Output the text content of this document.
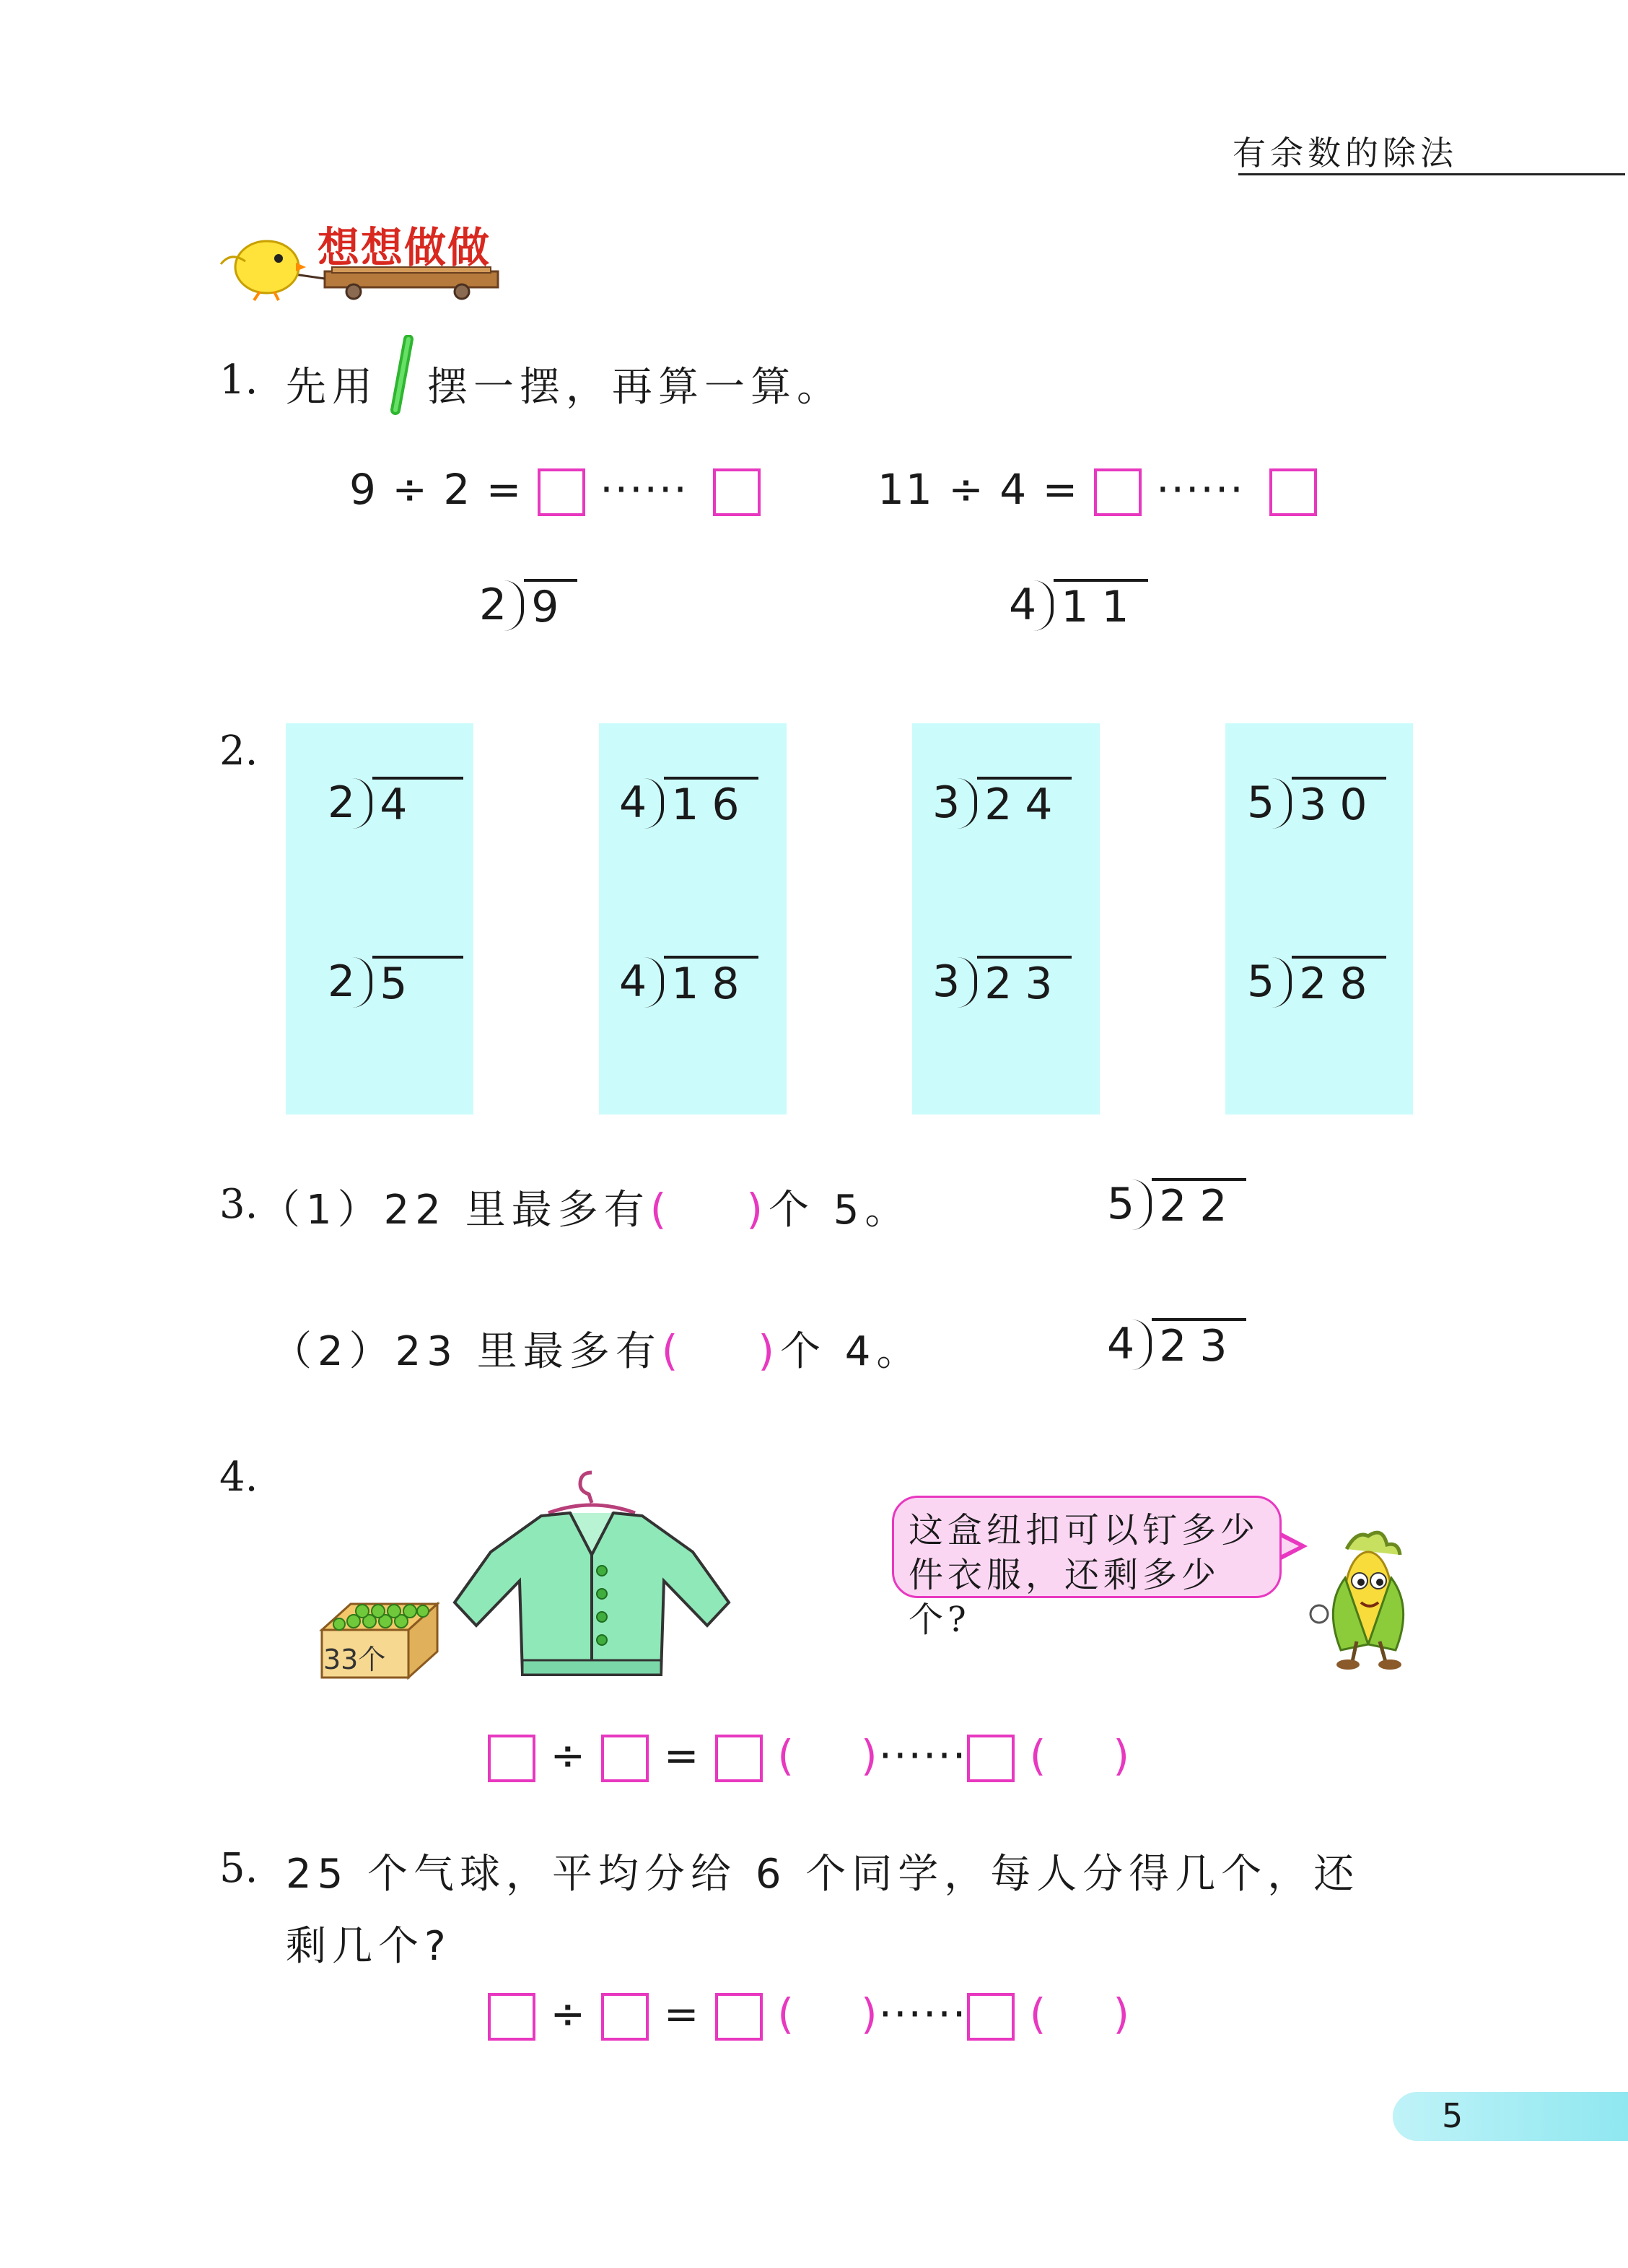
有余数的除法
想想做做
1. 先用 摆一摆，再算一算。
9 ÷ 2 = ······	11 ÷ 4 = ······
2 9	4 11
2.
2 4
2 5
4 16
4 18
3 24
3 23
5 30
5 28
3. （1）22 里最多有(  )个 5。	5 22
（2）23 里最多有(  )个 4。	4 23
4.
33个
这盒纽扣可以钉多少
件衣服，还剩多少个?
÷ = (  )······ (  )
5. 25 个气球，平均分给 6 个同学，每人分得几个，还
剩几个?
÷ = (  )······ (  )
5
